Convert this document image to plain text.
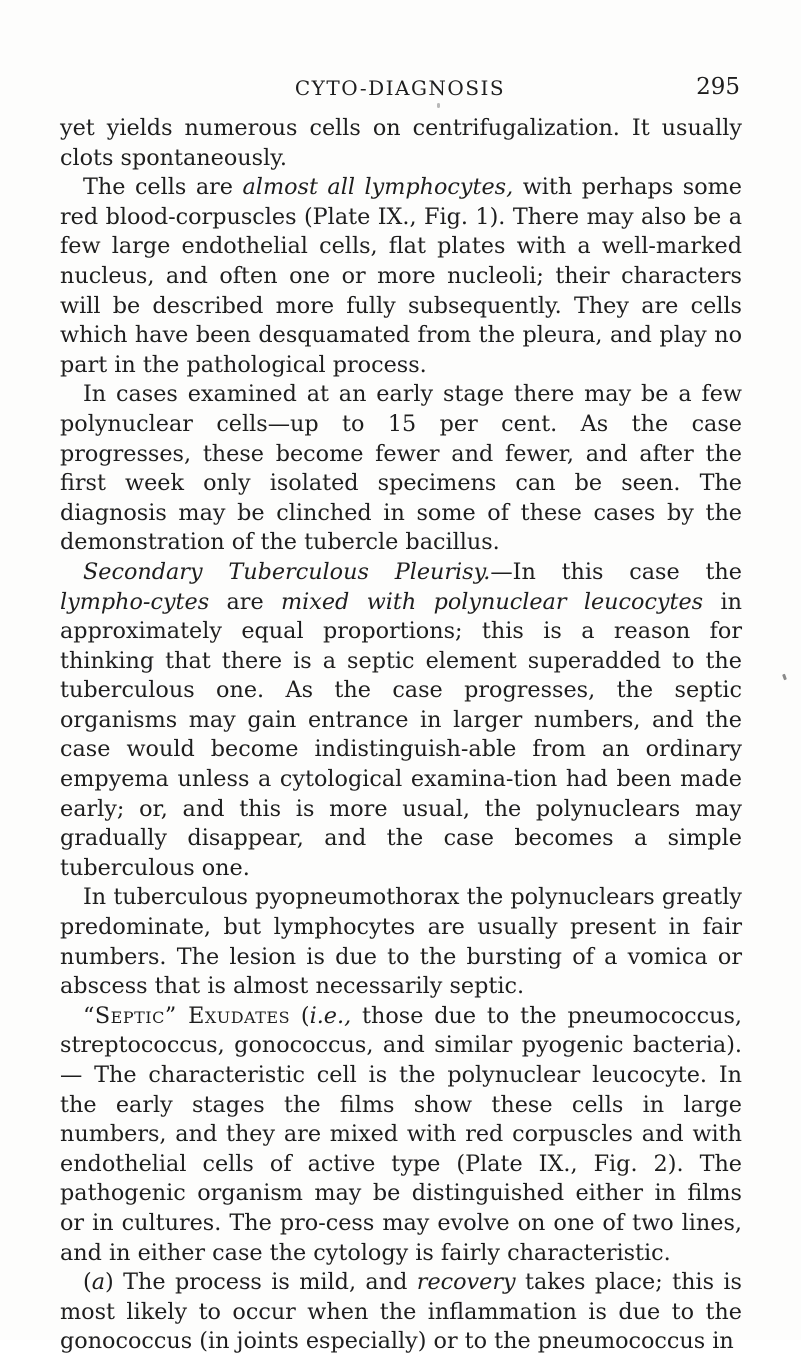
CYTO-DIAGNOSIS	295

yet yields numerous cells on centrifugalization. It usually clots spontaneously.

The cells are almost all lymphocytes, with perhaps some red blood-corpuscles (Plate IX., Fig. 1). There may also be a few large endothelial cells, flat plates with a well-marked nucleus, and often one or more nucleoli; their characters will be described more fully subsequently. They are cells which have been desquamated from the pleura, and play no part in the pathological process.

In cases examined at an early stage there may be a few polynuclear cells—up to 15 per cent. As the case progresses, these become fewer and fewer, and after the first week only isolated specimens can be seen. The diagnosis may be clinched in some of these cases by the demonstration of the tubercle bacillus.

Secondary Tuberculous Pleurisy.—In this case the lympho-cytes are mixed with polynuclear leucocytes in approximately equal proportions; this is a reason for thinking that there is a septic element superadded to the tuberculous one. As the case progresses, the septic organisms may gain entrance in larger numbers, and the case would become indistinguish-able from an ordinary empyema unless a cytological examina-tion had been made early; or, and this is more usual, the polynuclears may gradually disappear, and the case becomes a simple tuberculous one.

In tuberculous pyopneumothorax the polynuclears greatly predominate, but lymphocytes are usually present in fair numbers. The lesion is due to the bursting of a vomica or abscess that is almost necessarily septic.

“Septic” Exudates (i.e., those due to the pneumococcus, streptococcus, gonococcus, and similar pyogenic bacteria).— The characteristic cell is the polynuclear leucocyte. In the early stages the films show these cells in large numbers, and they are mixed with red corpuscles and with endothelial cells of active type (Plate IX., Fig. 2). The pathogenic organism may be distinguished either in films or in cultures. The pro-cess may evolve on one of two lines, and in either case the cytology is fairly characteristic.

(a) The process is mild, and recovery takes place; this is most likely to occur when the inflammation is due to the gonococcus (in joints especially) or to the pneumococcus in
